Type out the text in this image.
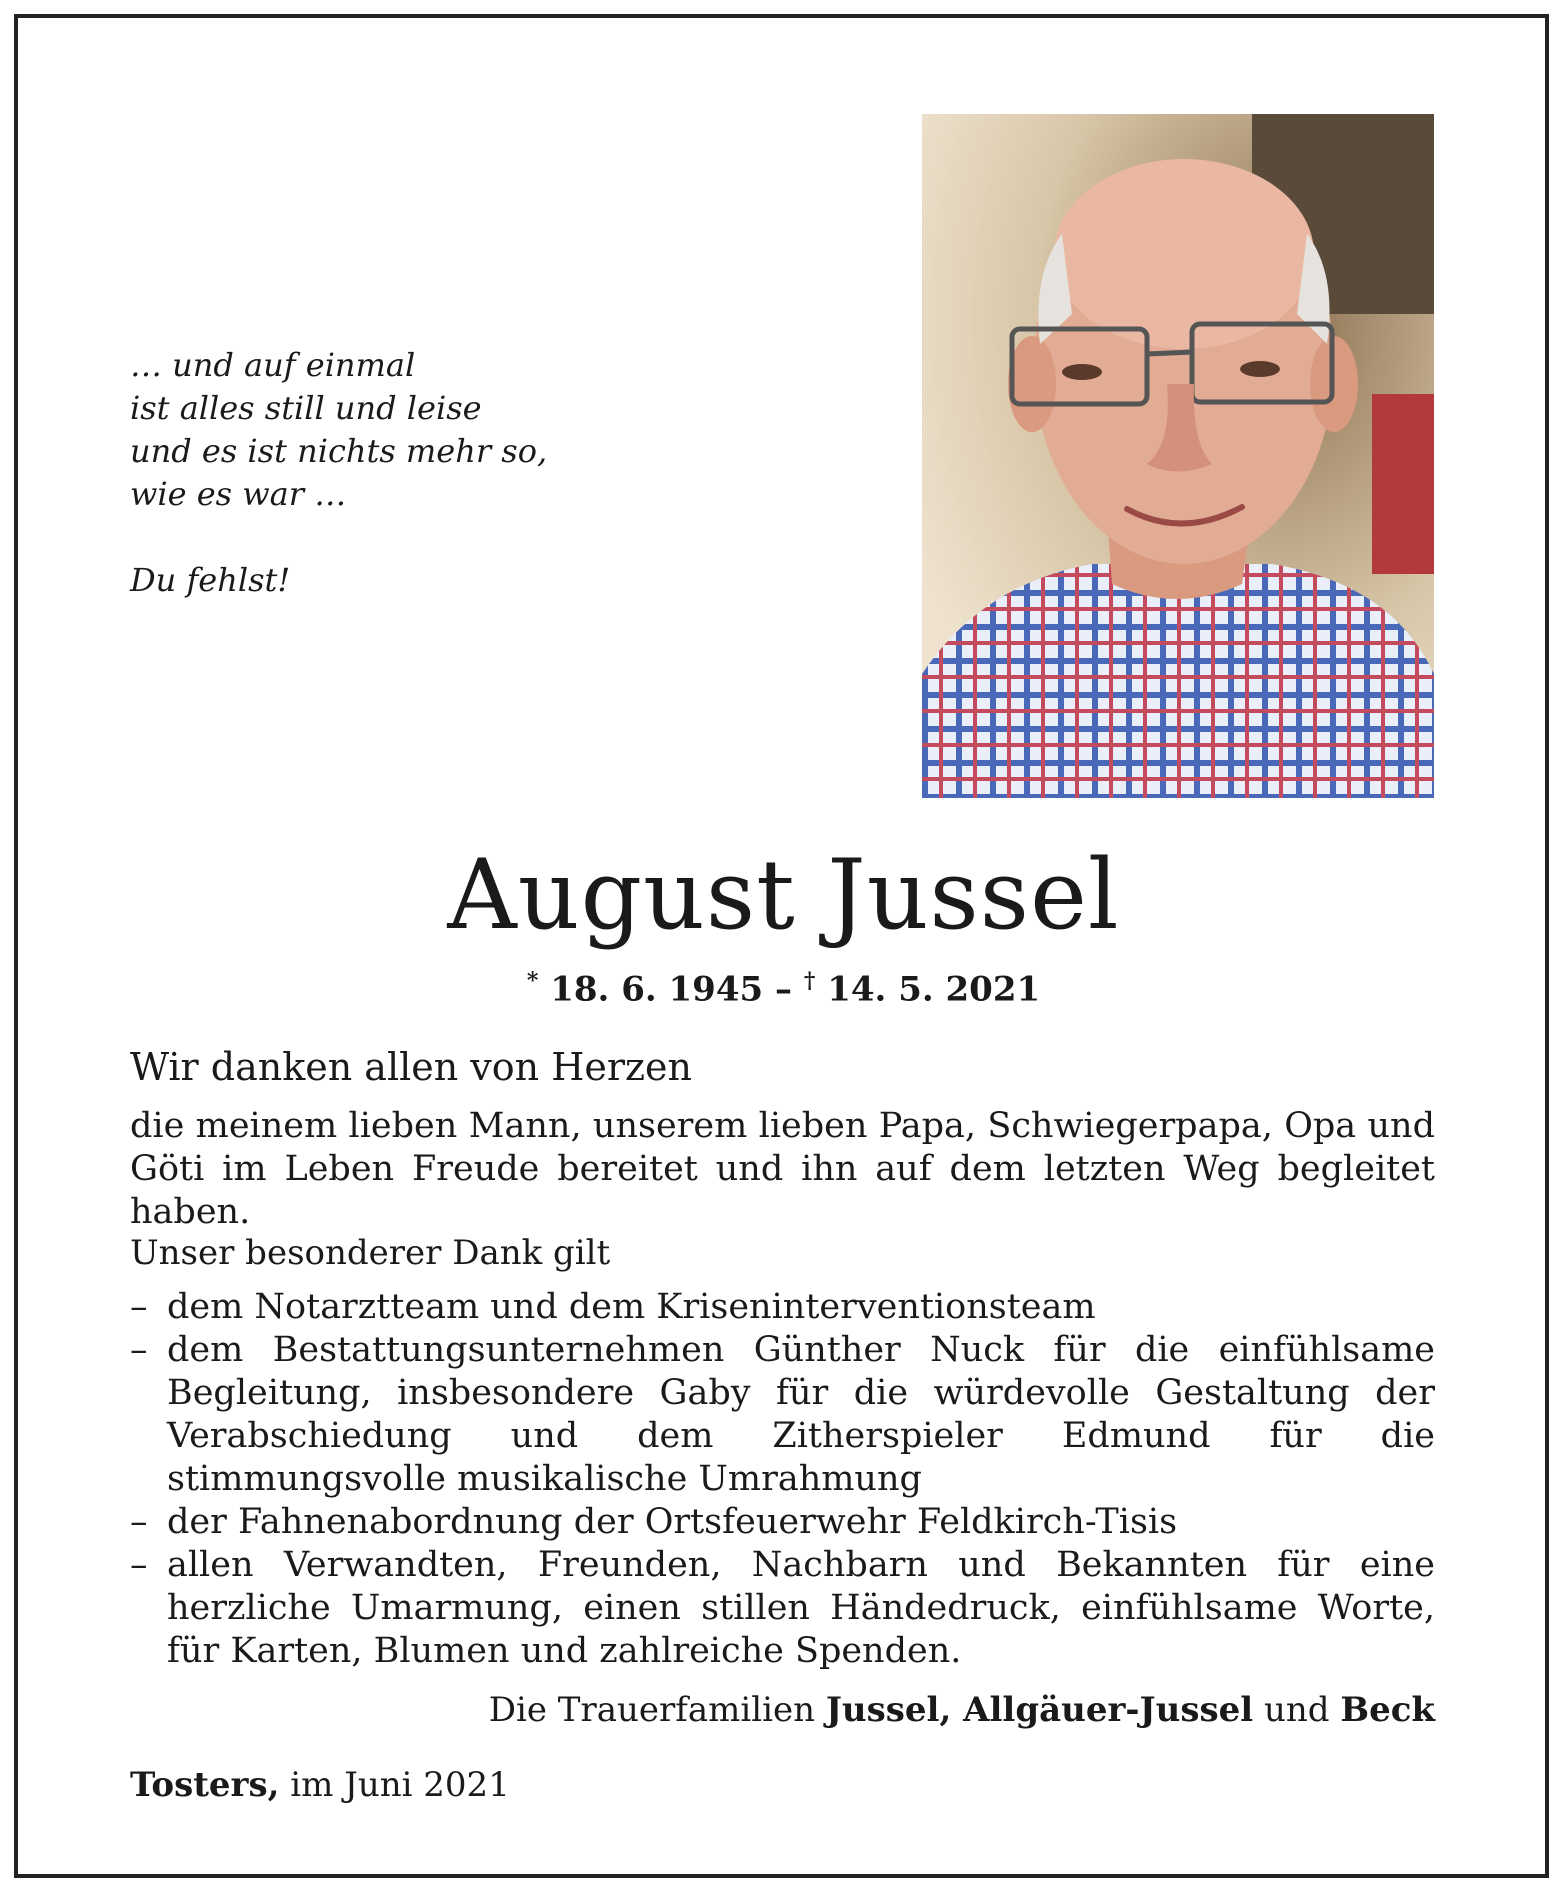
… und auf einmal
ist alles still und leise
und es ist nichts mehr so,
wie es war …
Du fehlst!
August Jussel
* 18. 6. 1945 – † 14. 5. 2021
Wir danken allen von Herzen
die meinem lieben Mann, unserem lieben Papa, Schwiegerpapa, Opa und Göti im Leben Freude bereitet und ihn auf dem letzten Weg begleitet haben.
Unser besonderer Dank gilt
– dem Notarztteam und dem Kriseninterventionsteam
– dem Bestattungsunternehmen Günther Nuck für die einfühlsame Begleitung, insbesondere Gaby für die würdevolle Gestaltung der Verabschiedung und dem Zitherspieler Edmund für die stimmungsvolle musikalische Umrahmung
– der Fahnenabordnung der Ortsfeuerwehr Feldkirch-Tisis
– allen Verwandten, Freunden, Nachbarn und Bekannten für eine herzliche Umarmung, einen stillen Händedruck, einfühlsame Worte, für Karten, Blumen und zahlreiche Spenden.
Die Trauerfamilien Jussel, Allgäuer-Jussel und Beck
Tosters, im Juni 2021
